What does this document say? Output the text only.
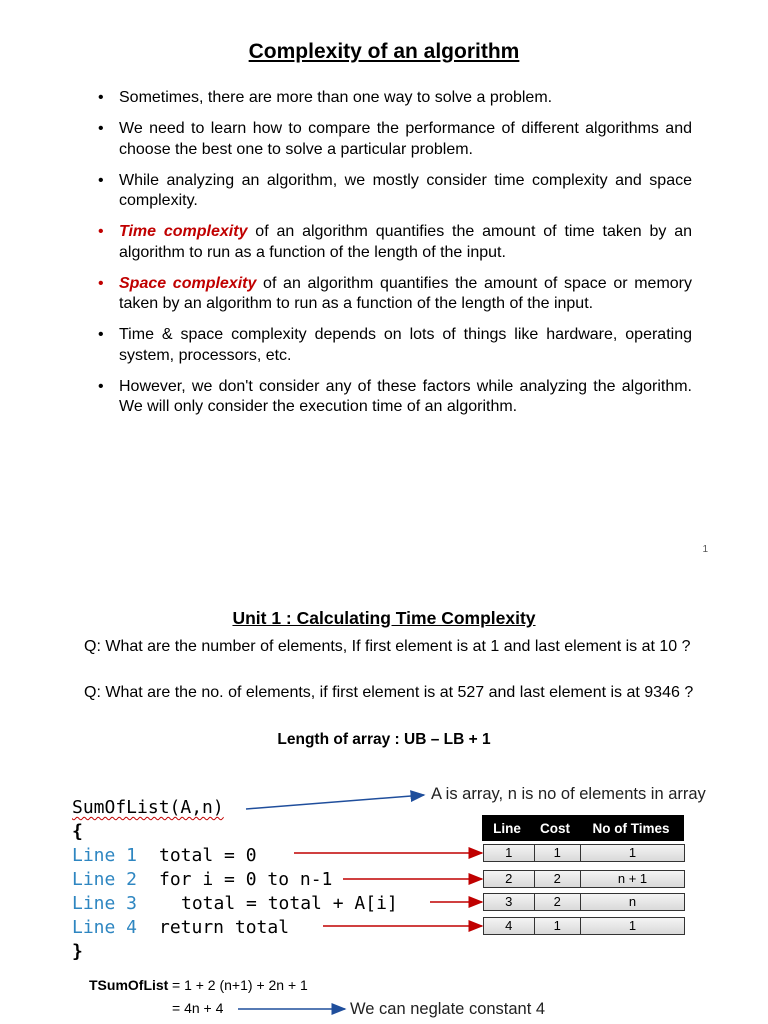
Complexity of an algorithm
• Sometimes, there are more than one way to solve a problem.
• We need to learn how to compare the performance of different algorithms and choose the best one to solve a particular problem.
• While analyzing an algorithm, we mostly consider time complexity and space complexity.
• Time complexity of an algorithm quantifies the amount of time taken by an algorithm to run as a function of the length of the input.
• Space complexity of an algorithm quantifies the amount of space or memory taken by an algorithm to run as a function of the length of the input.
• Time & space complexity depends on lots of things like hardware, operating system, processors, etc.
• However, we don't consider any of these factors while analyzing the algorithm. We will only consider the execution time of an algorithm.
1
Unit 1 : Calculating Time Complexity
Q: What are the number of elements, If first element is at 1 and last element is at 10 ?
Q: What are the no. of elements, if first element is at 527 and last element is at 9346 ?
Length of array : UB – LB + 1
SumOfList(A,n)
{
Line 1 total = 0
Line 2 for i = 0 to n-1
Line 3 total = total + A[i]
Line 4 return total
}
A is array, n is no of elements in array
Line	Cost	No of Times
1	1	1
2	2	n + 1
3	2	n
4	1	1
TSumOfList = 1 + 2 (n+1) + 2n + 1
= 4n + 4	We can neglate constant 4
